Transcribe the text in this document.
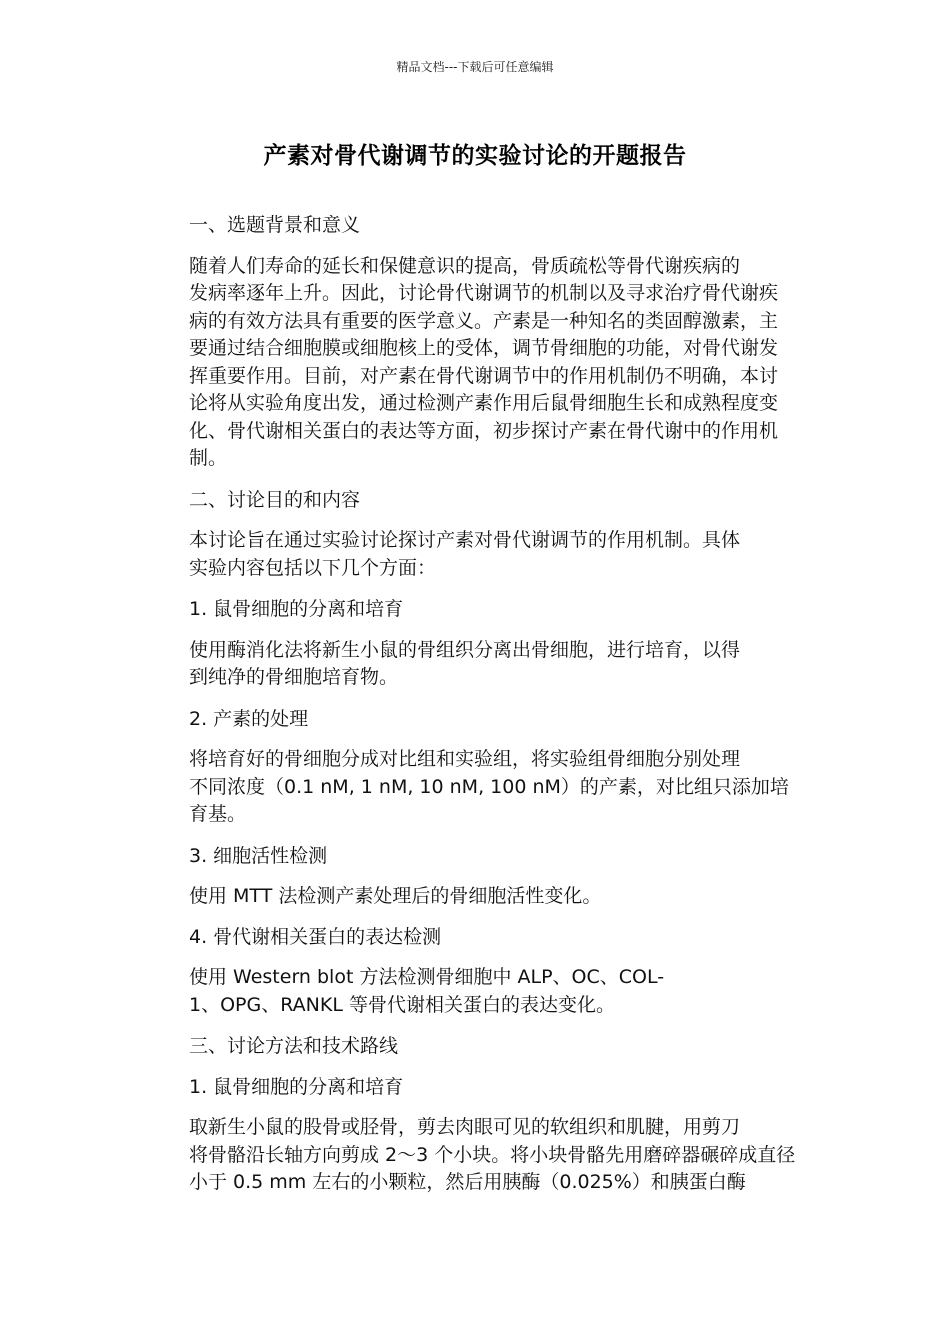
精品文档---下载后可任意编辑
产素对骨代谢调节的实验讨论的开题报告

一、选题背景和意义

随着人们寿命的延长和保健意识的提高，骨质疏松等骨代谢疾病的
发病率逐年上升。因此，讨论骨代谢调节的机制以及寻求治疗骨代谢疾
病的有效方法具有重要的医学意义。产素是一种知名的类固醇激素，主
要通过结合细胞膜或细胞核上的受体，调节骨细胞的功能，对骨代谢发
挥重要作用。目前，对产素在骨代谢调节中的作用机制仍不明确，本讨
论将从实验角度出发，通过检测产素作用后鼠骨细胞生长和成熟程度变
化、骨代谢相关蛋白的表达等方面，初步探讨产素在骨代谢中的作用机
制。

二、讨论目的和内容

本讨论旨在通过实验讨论探讨产素对骨代谢调节的作用机制。具体
实验内容包括以下几个方面：

1. 鼠骨细胞的分离和培育

使用酶消化法将新生小鼠的骨组织分离出骨细胞，进行培育，以得
到纯净的骨细胞培育物。

2. 产素的处理

将培育好的骨细胞分成对比组和实验组，将实验组骨细胞分别处理
不同浓度（0.1 nM, 1 nM, 10 nM, 100 nM）的产素，对比组只添加培
育基。

3. 细胞活性检测

使用 MTT 法检测产素处理后的骨细胞活性变化。

4. 骨代谢相关蛋白的表达检测

使用 Western blot 方法检测骨细胞中 ALP、OC、COL-
1、OPG、RANKL 等骨代谢相关蛋白的表达变化。

三、讨论方法和技术路线

1. 鼠骨细胞的分离和培育

取新生小鼠的股骨或胫骨，剪去肉眼可见的软组织和肌腱，用剪刀
将骨骼沿长轴方向剪成 2～3 个小块。将小块骨骼先用磨碎器碾碎成直径
小于 0.5 mm 左右的小颗粒，然后用胰酶（0.025%）和胰蛋白酶
